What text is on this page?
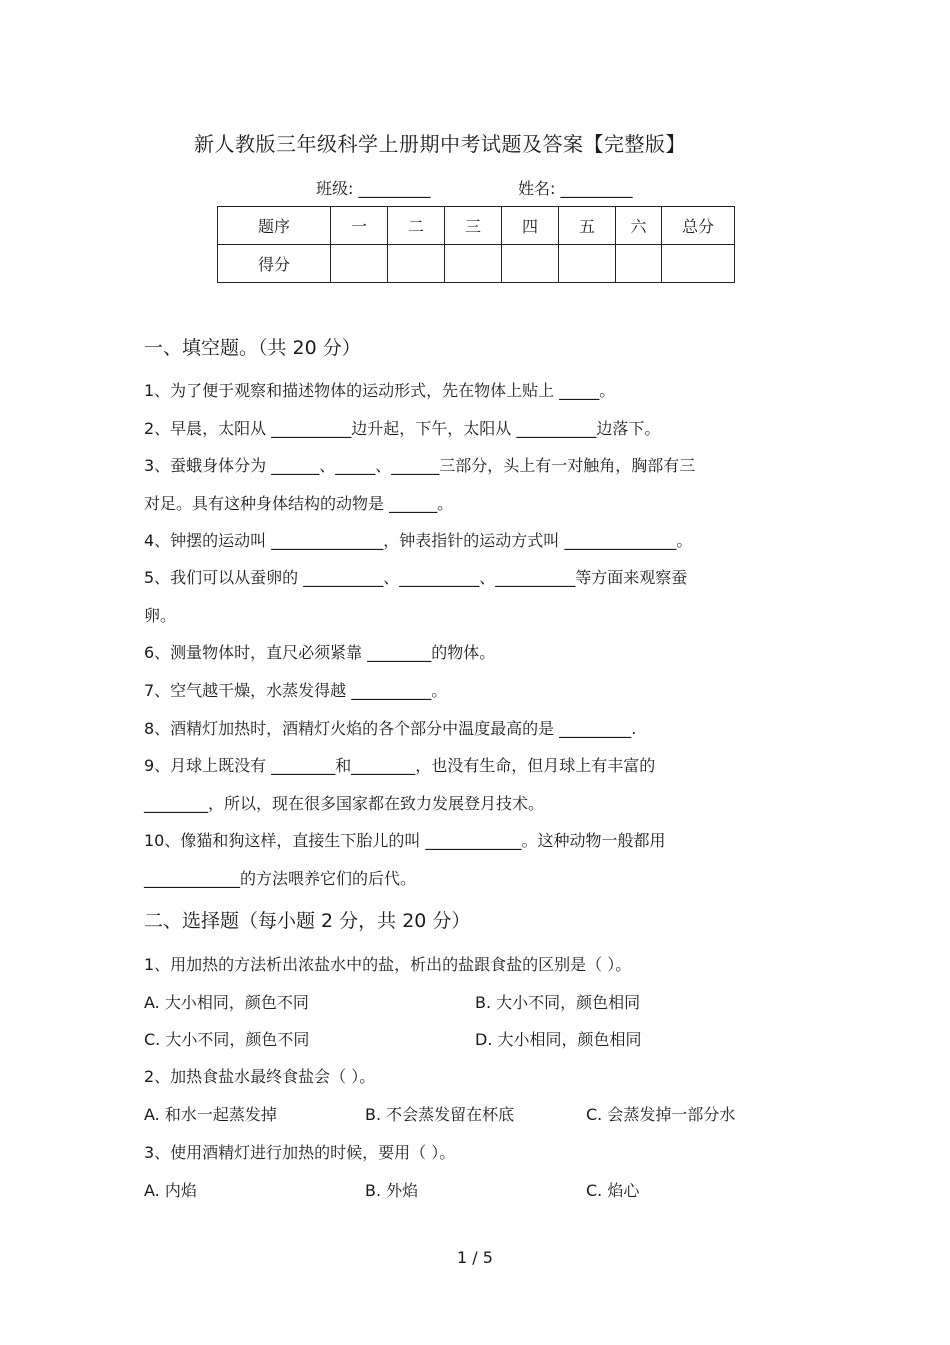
新人教版三年级科学上册期中考试题及答案【完整版】
班级: _________	姓名: _________
题序	一	二	三	四	五	六	总分
得分							
一、填空题。（共 20 分）
1、为了便于观察和描述物体的运动形式，先在物体上贴上 _____。
2、早晨，太阳从 __________边升起，下午，太阳从 __________边落下。
3、蚕蛾身体分为 ______、_____、______三部分，头上有一对触角，胸部有三
对足。具有这种身体结构的动物是 ______。
4、钟摆的运动叫 ______________，钟表指针的运动方式叫 ______________。
5、我们可以从蚕卵的 __________、__________、__________等方面来观察蚕
卵。
6、测量物体时，直尺必须紧靠 ________的物体。
7、空气越干燥，水蒸发得越 __________。
8、酒精灯加热时，酒精灯火焰的各个部分中温度最高的是 _________.
9、月球上既没有 ________和________，也没有生命，但月球上有丰富的
________，所以，现在很多国家都在致力发展登月技术。
10、像猫和狗这样，直接生下胎儿的叫 ____________。这种动物一般都用
____________的方法喂养它们的后代。
二、选择题（每小题 2 分，共 20 分）
1、用加热的方法析出浓盐水中的盐，析出的盐跟食盐的区别是（ ）。
A. 大小相同，颜色不同	B. 大小不同，颜色相同
C. 大小不同，颜色不同	D. 大小相同，颜色相同
2、加热食盐水最终食盐会（ ）。
A. 和水一起蒸发掉	B. 不会蒸发留在杯底	C. 会蒸发掉一部分水
3、使用酒精灯进行加热的时候，要用（ ）。
A. 内焰	B. 外焰	C. 焰心
1 / 5
